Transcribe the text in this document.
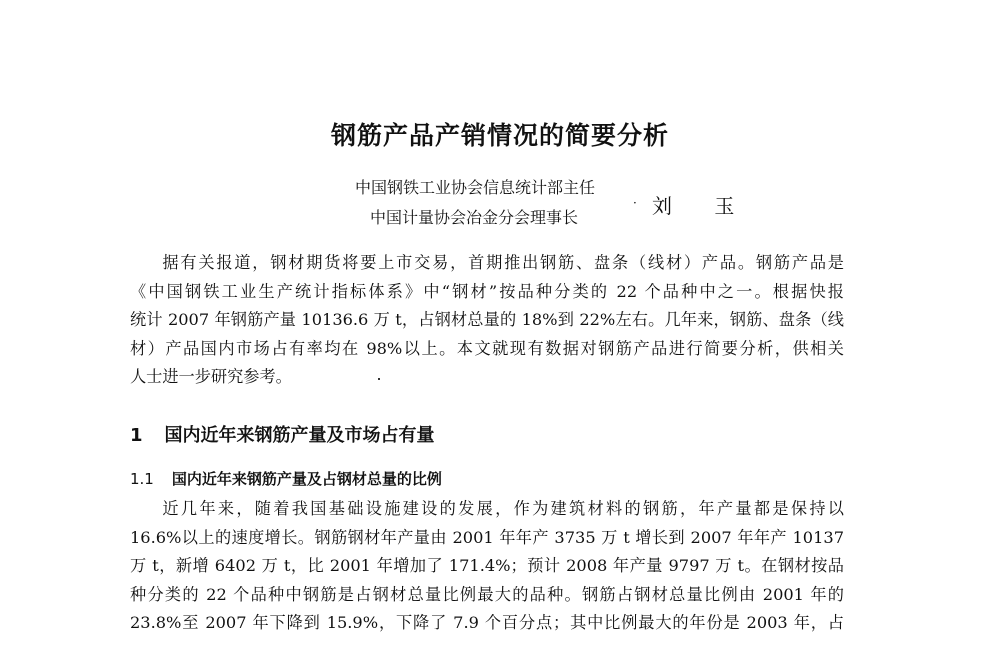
钢筋产品产销情况的简要分析
中国钢铁工业协会信息统计部主任
中国计量协会冶金分会理事长
· 刘 玉
据有关报道，钢材期货将要上市交易，首期推出钢筋、盘条（线材）产品。钢筋产品是
《中国钢铁工业生产统计指标体系》中“钢材”按品种分类的 22 个品种中之一。根据快报
统计 2007 年钢筋产量 10136.6 万 t，占钢材总量的 18%到 22%左右。几年来，钢筋、盘条（线
材）产品国内市场占有率均在 98%以上。本文就现有数据对钢筋产品进行简要分析，供相关
人士进一步研究参考。
1 国内近年来钢筋产量及市场占有量
1.1 国内近年来钢筋产量及占钢材总量的比例
近几年来，随着我国基础设施建设的发展，作为建筑材料的钢筋，年产量都是保持以
16.6%以上的速度增长。钢筋钢材年产量由 2001 年年产 3735 万 t 增长到 2007 年年产 10137
万 t，新增 6402 万 t，比 2001 年增加了 171.4%；预计 2008 年产量 9797 万 t。在钢材按品
种分类的 22 个品种中钢筋是占钢材总量比例最大的品种。钢筋占钢材总量比例由 2001 年的
23.8%至 2007 年下降到 15.9%，下降了 7.9 个百分点；其中比例最大的年份是 2003 年，占
